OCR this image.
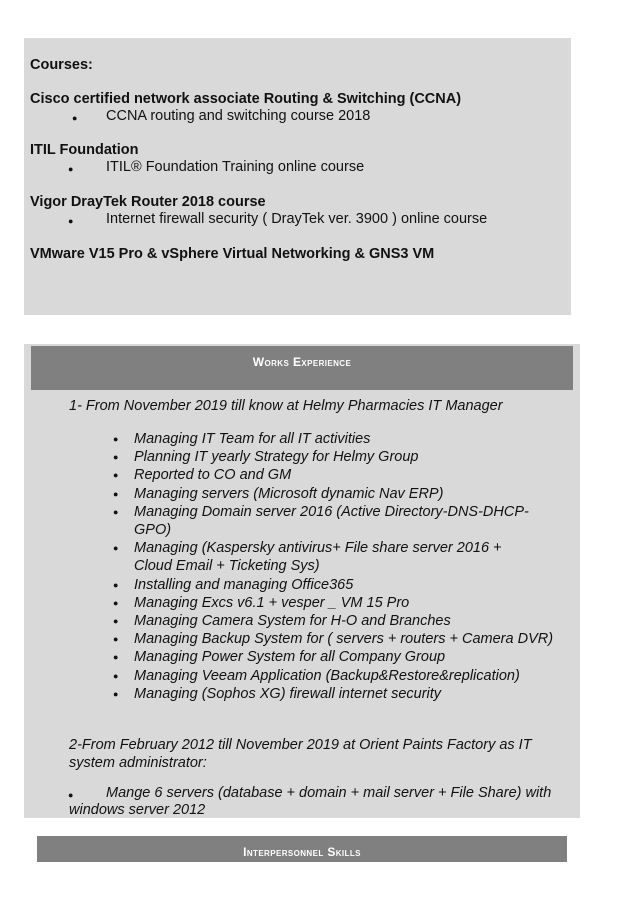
Courses:
Cisco certified network associate Routing & Switching (CCNA)
● CCNA routing and switching course 2018
ITIL Foundation
● ITIL® Foundation Training online course
Vigor DrayTek Router 2018 course
● Internet firewall security ( DrayTek ver. 3900 ) online course
VMware V15 Pro & vSphere Virtual Networking & GNS3 VM
Works Experience
1- From November 2019 till know at Helmy Pharmacies IT Manager
● Managing IT Team for all IT activities
● Planning IT yearly Strategy for Helmy Group
● Reported to CO and GM
● Managing servers (Microsoft dynamic Nav ERP)
● Managing Domain server 2016 (Active Directory-DNS-DHCP-GPO)
● Managing (Kaspersky antivirus+ File share server 2016 + Cloud Email + Ticketing Sys)
● Installing and managing Office365
● Managing Excs v6.1 + vesper _ VM 15 Pro
● Managing Camera System for H-O and Branches
● Managing Backup System for ( servers + routers + Camera DVR)
● Managing Power System for all Company Group
● Managing Veeam Application (Backup&Restore&replication)
● Managing (Sophos XG) firewall internet security
2-From February 2012 till November 2019 at Orient Paints Factory as IT
system administrator:
● Mange 6 servers (database + domain + mail server + File Share) with
windows server 2012
Interpersonnel Skills
